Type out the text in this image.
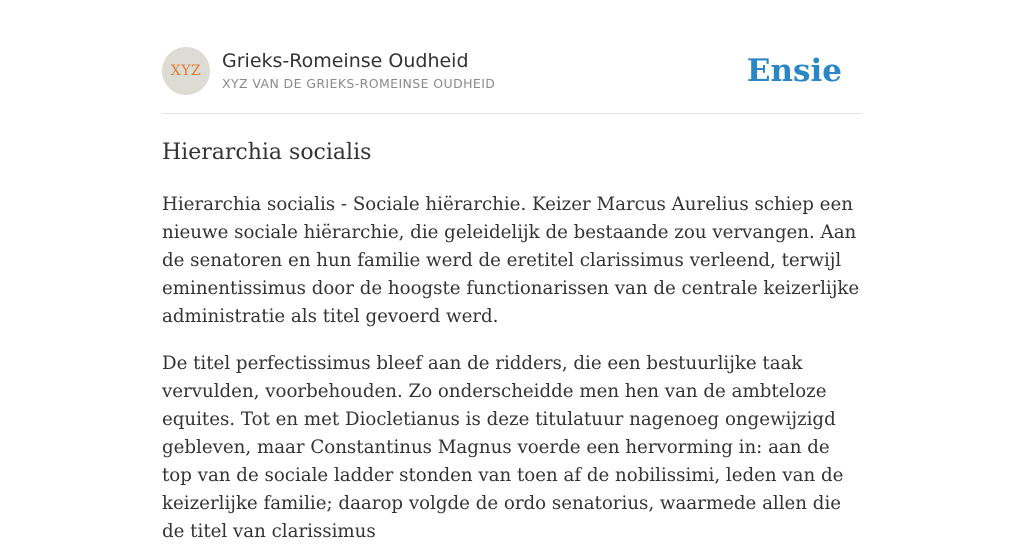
XYZ Grieks-Romeinse Oudheid
XYZ VAN DE GRIEKS-ROMEINSE OUDHEID	Ensie
Hierarchia socialis

Hierarchia socialis - Sociale hiërarchie. Keizer Marcus Aurelius schiep een nieuwe sociale hiërarchie, die geleidelijk de bestaande zou vervangen. Aan de senatoren en hun familie werd de eretitel clarissimus verleend, terwijl eminentissimus door de hoogste functionarissen van de centrale keizerlijke administratie als titel gevoerd werd.

De titel perfectissimus bleef aan de ridders, die een bestuurlijke taak vervulden, voorbehouden. Zo onderscheidde men hen van de ambteloze equites. Tot en met Diocletianus is deze titulatuur nagenoeg ongewijzigd gebleven, maar Constantinus Magnus voerde een hervorming in: aan de top van de sociale ladder stonden van toen af de nobilissimi, leden van de keizerlijke familie; daarop volgde de ordo senatorius, waarmede allen die de titel van clarissimus
